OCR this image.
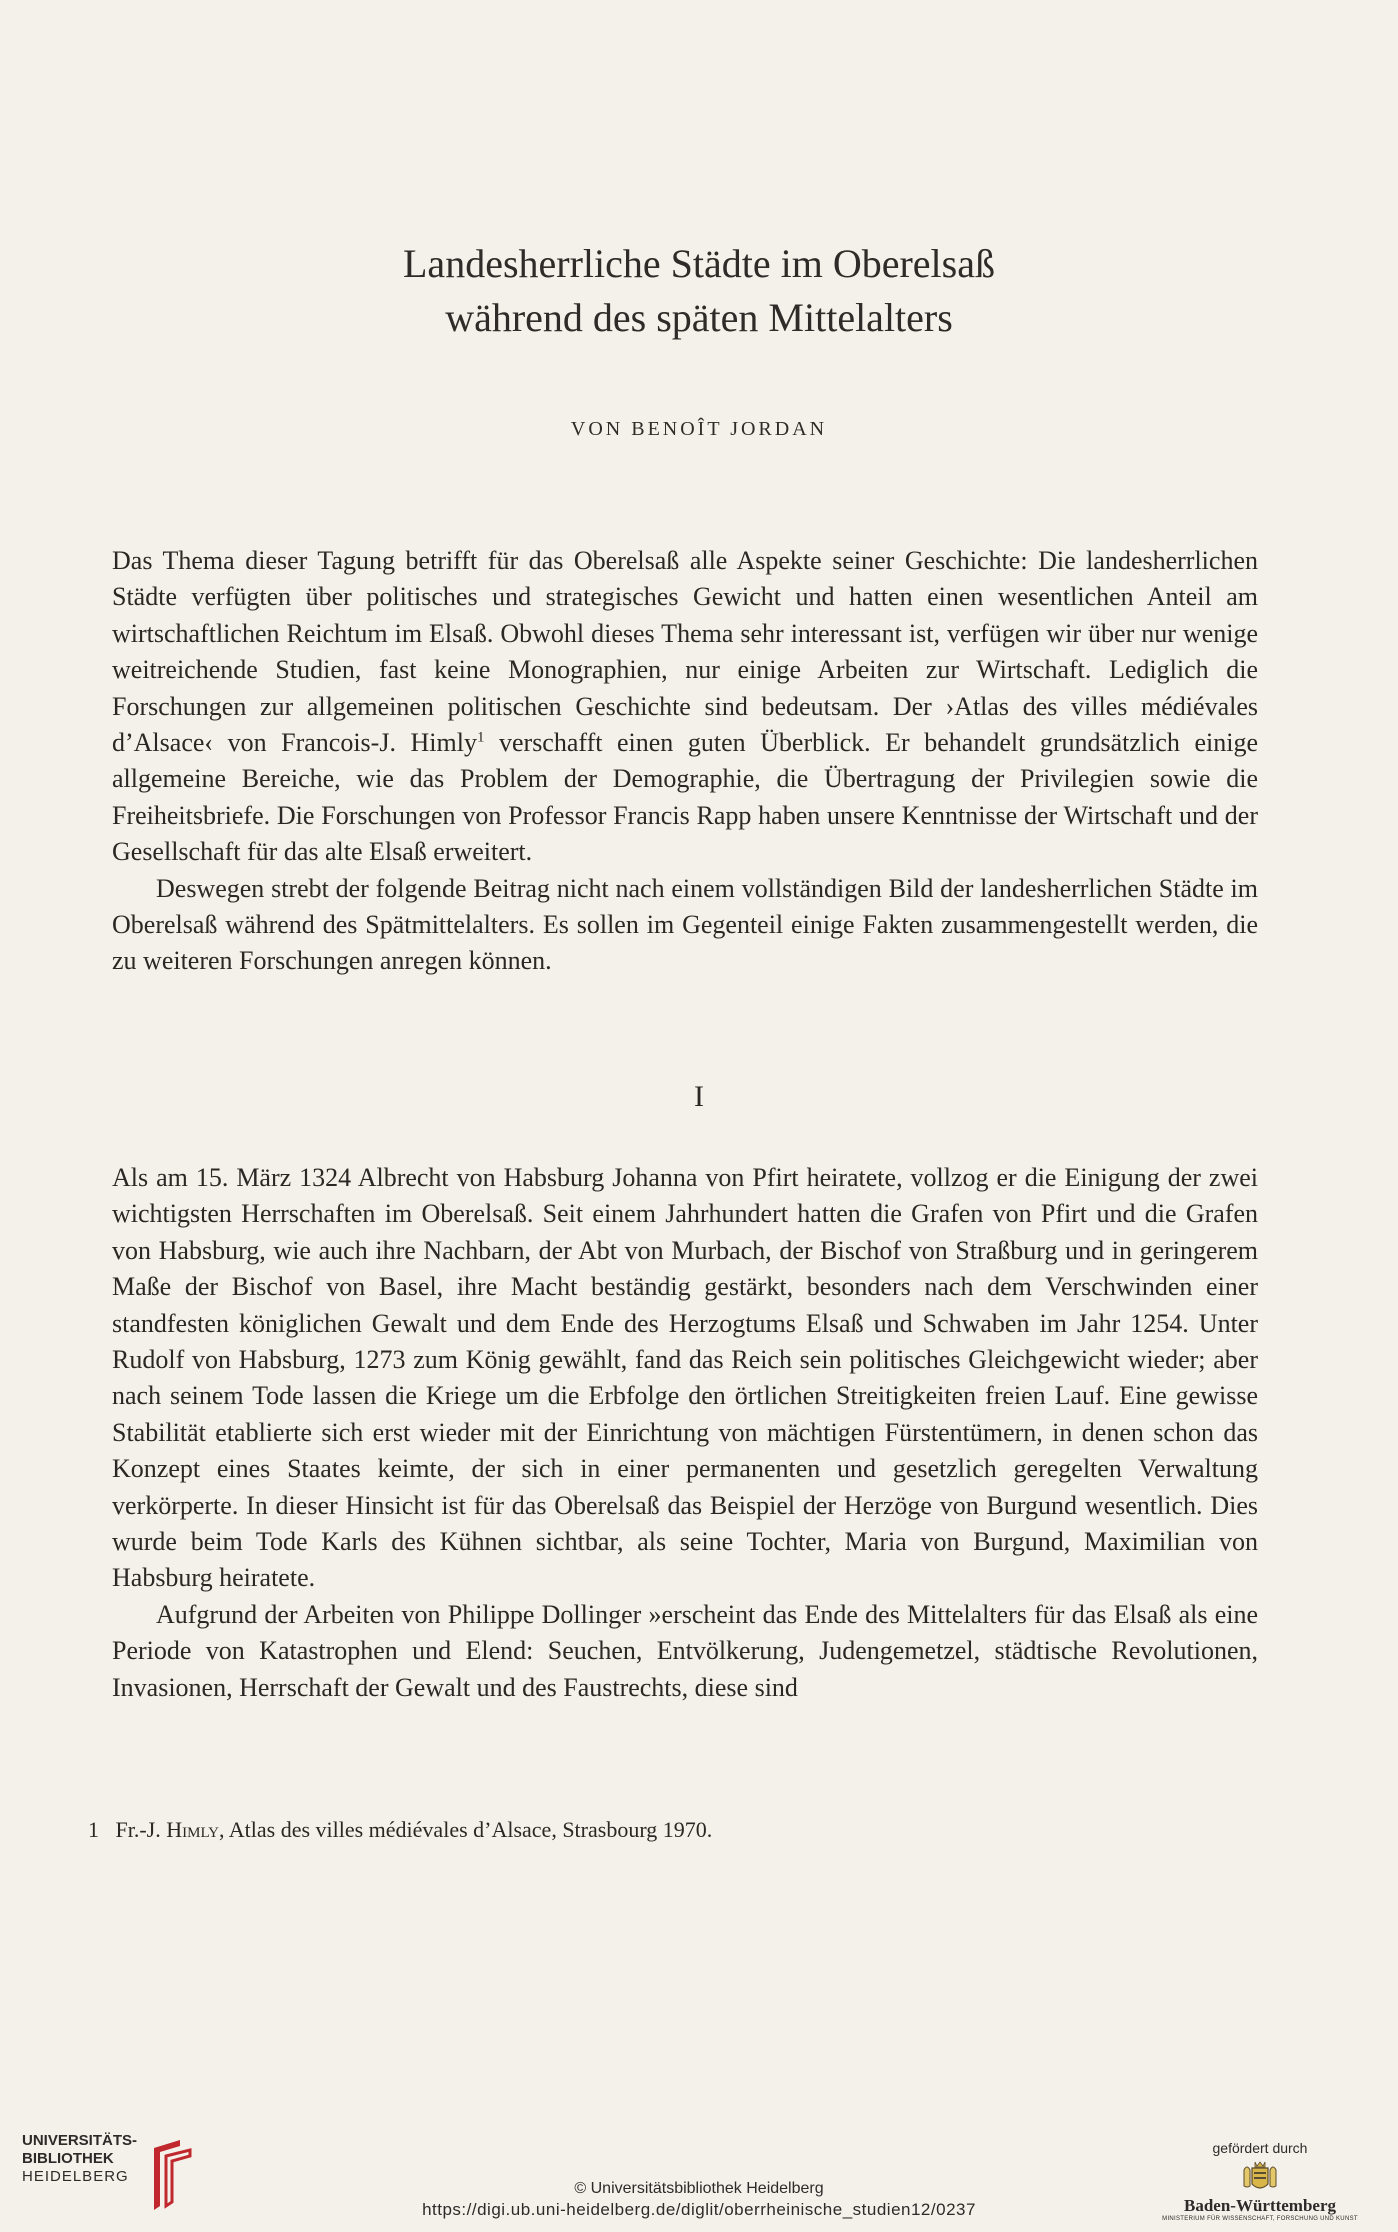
Landesherrliche Städte im Oberelsaß
während des späten Mittelalters
VON BENOÎT JORDAN

Das Thema dieser Tagung betrifft für das Oberelsaß alle Aspekte seiner Geschichte: Die landesherrlichen Städte verfügten über politisches und strategisches Gewicht und hatten einen wesentlichen Anteil am wirtschaftlichen Reichtum im Elsaß. Obwohl dieses Thema sehr interessant ist, verfügen wir über nur wenige weitreichende Studien, fast keine Monographien, nur einige Arbeiten zur Wirtschaft. Lediglich die Forschungen zur allgemeinen politischen Geschichte sind bedeutsam. Der ›Atlas des villes médiévales d’Alsace‹ von Francois-J. Himly$^1$ verschafft einen guten Überblick. Er behandelt grundsätzlich einige allgemeine Bereiche, wie das Problem der Demographie, die Übertragung der Privilegien sowie die Freiheitsbriefe. Die Forschungen von Professor Francis Rapp haben unsere Kenntnisse der Wirtschaft und der Gesellschaft für das alte Elsaß erweitert.

Deswegen strebt der folgende Beitrag nicht nach einem vollständigen Bild der landesherrlichen Städte im Oberelsaß während des Spätmittelalters. Es sollen im Gegenteil einige Fakten zusammengestellt werden, die zu weiteren Forschungen anregen können.

I

Als am 15. März 1324 Albrecht von Habsburg Johanna von Pfirt heiratete, vollzog er die Einigung der zwei wichtigsten Herrschaften im Oberelsaß. Seit einem Jahrhundert hatten die Grafen von Pfirt und die Grafen von Habsburg, wie auch ihre Nachbarn, der Abt von Murbach, der Bischof von Straßburg und in geringerem Maße der Bischof von Basel, ihre Macht beständig gestärkt, besonders nach dem Verschwinden einer standfesten königlichen Gewalt und dem Ende des Herzogtums Elsaß und Schwaben im Jahr 1254. Unter Rudolf von Habsburg, 1273 zum König gewählt, fand das Reich sein politisches Gleichgewicht wieder; aber nach seinem Tode lassen die Kriege um die Erbfolge den örtlichen Streitigkeiten freien Lauf. Eine gewisse Stabilität etablierte sich erst wieder mit der Einrichtung von mächtigen Fürstentümern, in denen schon das Konzept eines Staates keimte, der sich in einer permanenten und gesetzlich geregelten Verwaltung verkörperte. In dieser Hinsicht ist für das Oberelsaß das Beispiel der Herzöge von Burgund wesentlich. Dies wurde beim Tode Karls des Kühnen sichtbar, als seine Tochter, Maria von Burgund, Maximilian von Habsburg heiratete.

Aufgrund der Arbeiten von Philippe Dollinger »erscheint das Ende des Mittelalters für das Elsaß als eine Periode von Katastrophen und Elend: Seuchen, Entvölkerung, Judengemetzel, städtische Revolutionen, Invasionen, Herrschaft der Gewalt und des Faustrechts, diese sind

1 Fr.-J. Himly, Atlas des villes médiévales d’Alsace, Strasbourg 1970.
UNIVERSITÄTS-
BIBLIOTHEK
HEIDELBERG
© Universitätsbibliothek Heidelberg
https://digi.ub.uni-heidelberg.de/diglit/oberrheinische_studien12/0237
gefördert durch
Baden-Württemberg
MINISTERIUM FÜR WISSENSCHAFT, FORSCHUNG UND KUNST
